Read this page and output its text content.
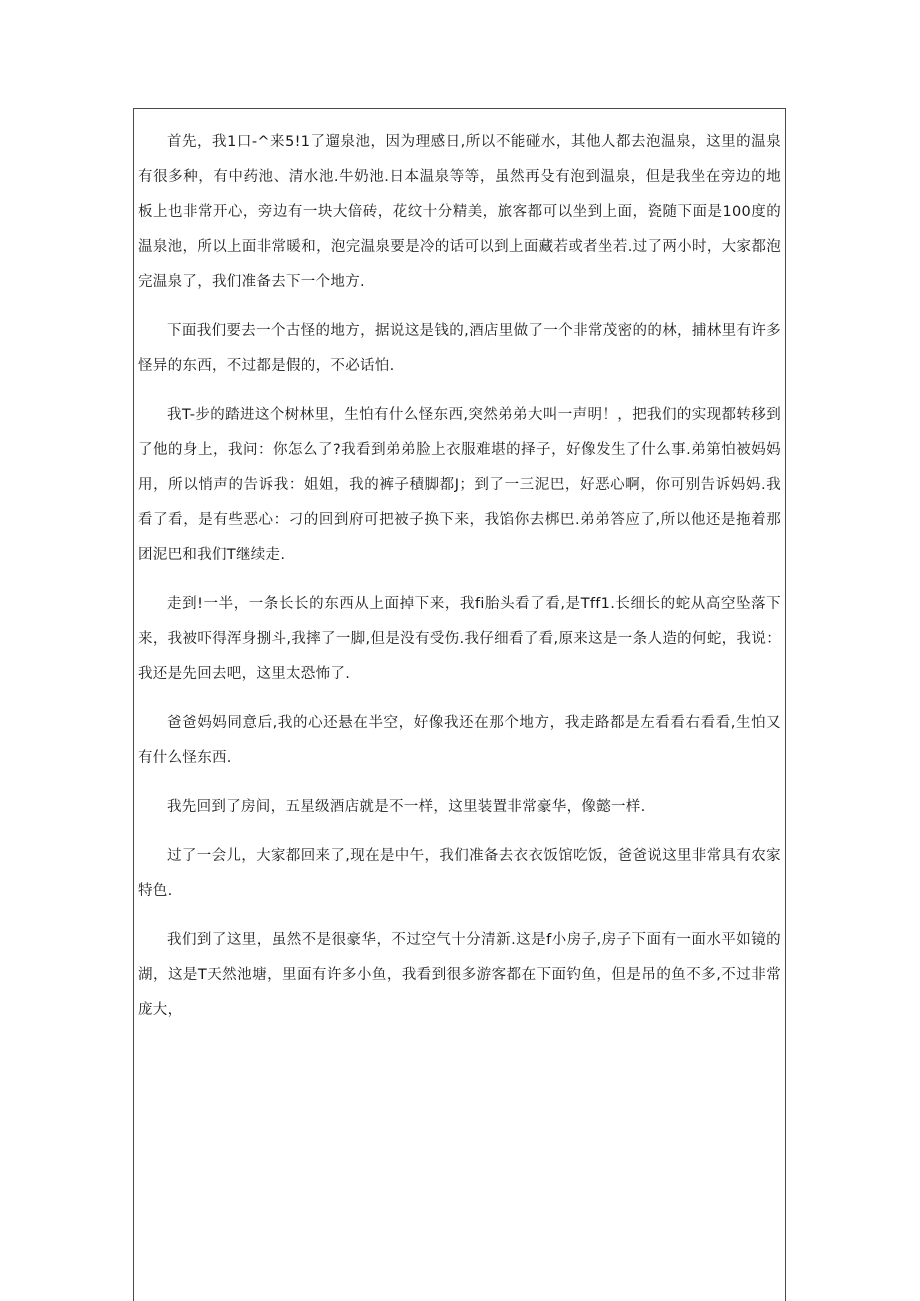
首先，我1口-^来5!1了遛泉池，因为理感日,所以不能碰水，其他人都去泡温泉，这里的温泉有很多种，有中药池、清水池.牛奶池.日本温泉等等，虽然再殳有泡到温泉，但是我坐在旁边的地板上也非常开心，旁边有一块大偣砖，花纹十分精美，旅客都可以坐到上面，瓷随下面是100度的温泉池，所以上面非常暖和，泡完温泉要是冷的话可以到上面藏若或者坐若.过了两小时，大家都泡完温泉了，我们准备去下一个地方.

下面我们要去一个古怪的地方，据说这是钱的,酒店里做了一个非常茂密的的林，捕林里有许多怪异的东西，不过都是假的，不必话怕.

我T-步的踏进这个树林里，生怕有什么怪东西,突然弟弟大叫一声明！，把我们的实现都转移到了他的身上，我问：你怎么了?我看到弟弟脸上衣服难堪的择子，好像发生了什么事.弟第怕被妈妈用，所以悄声的告诉我：姐姐，我的裤子積脚都J；到了一三泥巴，好恶心啊，你可别告诉妈妈.我看了看，是有些恶心：刁的回到府可把被子换下来，我馅你去梆巴.弟弟答应了,所以他还是拖着那团泥巴和我们T继续走.

走到!一半，一条长长的东西从上面掉下来，我fi胎头看了看,是Tff1.长细长的蛇从高空坠落下来，我被吓得浑身捌斗,我摔了一脚,但是没有受伤.我仔细看了看,原来这是一条人造的何蛇，我说：我还是先回去吧，这里太恐怖了.

爸爸妈妈同意后,我的心还悬在半空，好像我还在那个地方，我走路都是左看看右看看,生怕又有什么怪东西.

我先回到了房间，五星级酒店就是不一样，这里装置非常豪华，像懿一样.

过了一会儿，大家都回来了,现在是中午，我们准备去衣衣饭馆吃饭，爸爸说这里非常具有农家特色.

我们到了这里，虽然不是很豪华，不过空气十分清新.这是f小房子,房子下面有一面水平如镜的湖，这是T天然池塘，里面有许多小鱼，我看到很多游客都在下面钓鱼，但是吊的鱼不多,不过非常庞大，
